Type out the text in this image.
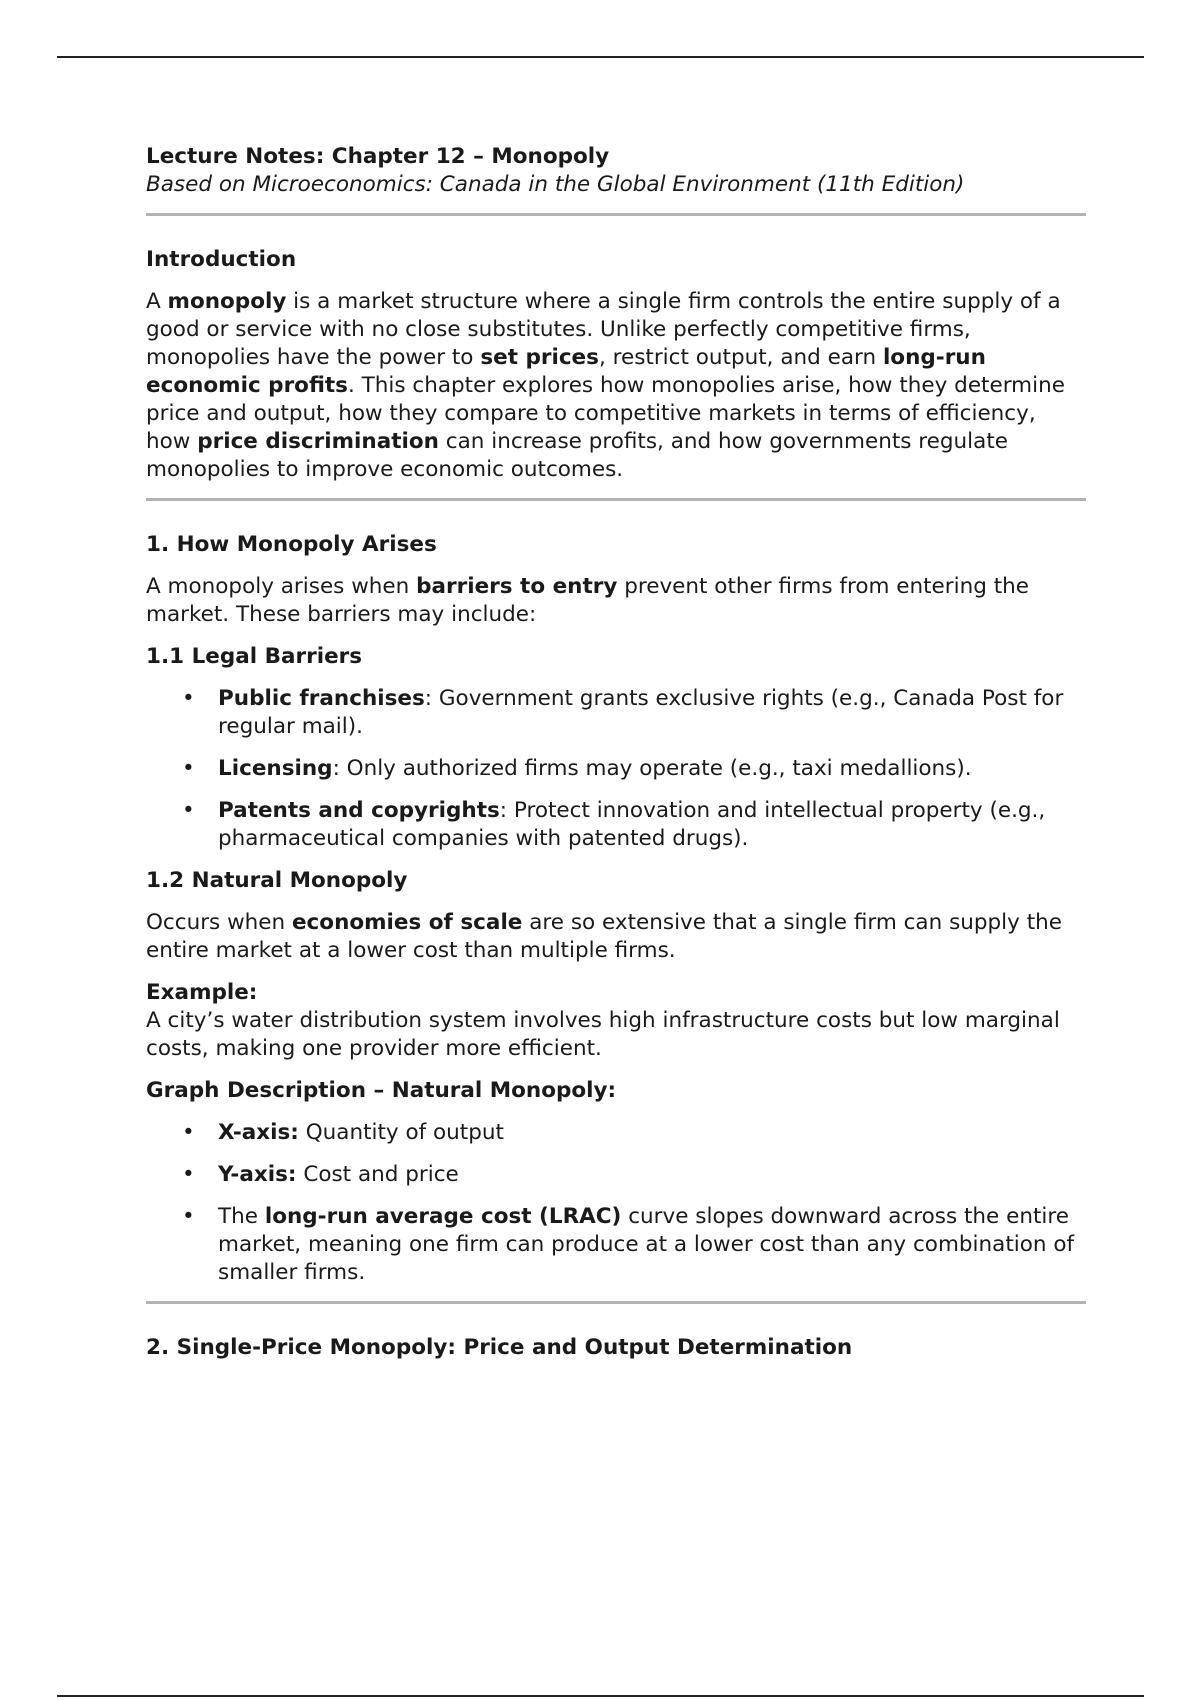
Lecture Notes: Chapter 12 – Monopoly

Based on Microeconomics: Canada in the Global Environment (11th Edition)

Introduction

A monopoly is a market structure where a single firm controls the entire supply of a good or service with no close substitutes. Unlike perfectly competitive firms, monopolies have the power to set prices, restrict output, and earn long-run economic profits. This chapter explores how monopolies arise, how they determine price and output, how they compare to competitive markets in terms of efficiency, how price discrimination can increase profits, and how governments regulate monopolies to improve economic outcomes.

1. How Monopoly Arises

A monopoly arises when barriers to entry prevent other firms from entering the market. These barriers may include:

1.1 Legal Barriers
• Public franchises: Government grants exclusive rights (e.g., Canada Post for regular mail).
• Licensing: Only authorized firms may operate (e.g., taxi medallions).
• Patents and copyrights: Protect innovation and intellectual property (e.g., pharmaceutical companies with patented drugs).
1.2 Natural Monopoly

Occurs when economies of scale are so extensive that a single firm can supply the entire market at a lower cost than multiple firms.

Example:

A city’s water distribution system involves high infrastructure costs but low marginal costs, making one provider more efficient.

Graph Description – Natural Monopoly:
• X-axis: Quantity of output
• Y-axis: Cost and price
• The long-run average cost (LRAC) curve slopes downward across the entire market, meaning one firm can produce at a lower cost than any combination of smaller firms.
2. Single-Price Monopoly: Price and Output Determination
